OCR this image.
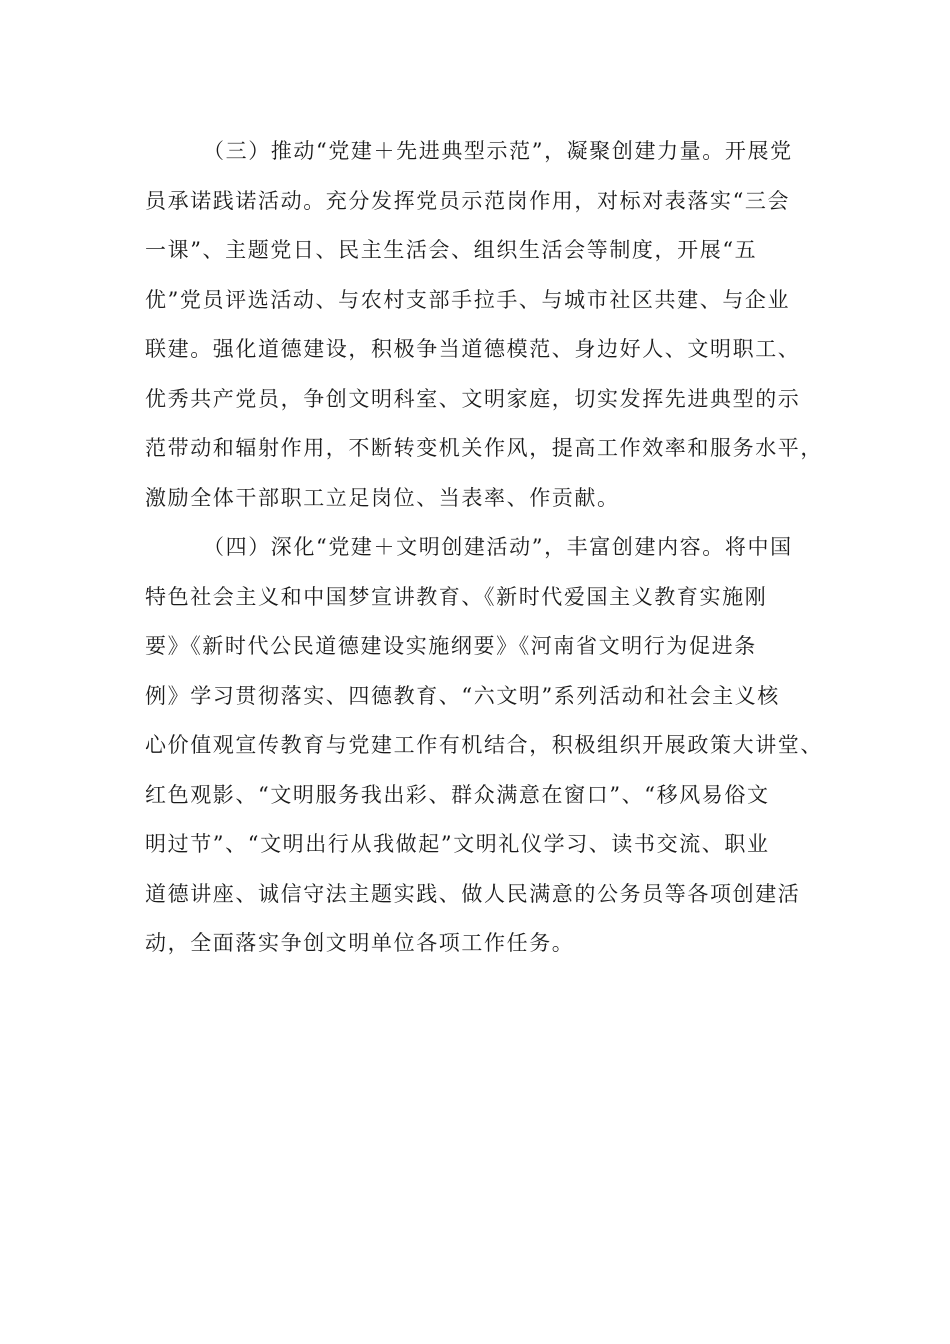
（三）推动“党建＋先进典型示范”，凝聚创建力量。开展党
员承诺践诺活动。充分发挥党员示范岗作用，对标对表落实“三会
一课”、主题党日、民主生活会、组织生活会等制度，开展“五
优”党员评选活动、与农村支部手拉手、与城市社区共建、与企业
联建。强化道德建设，积极争当道德模范、身边好人、文明职工、
优秀共产党员，争创文明科室、文明家庭，切实发挥先进典型的示
范带动和辐射作用，不断转变机关作风，提高工作效率和服务水平，
激励全体干部职工立足岗位、当表率、作贡献。

（四）深化“党建＋文明创建活动”，丰富创建内容。将中国
特色社会主义和中国梦宣讲教育、《新时代爱国主义教育实施刚
要》《新时代公民道德建设实施纲要》《河南省文明行为促进条
例》学习贯彻落实、四德教育、“六文明”系列活动和社会主义核
心价值观宣传教育与党建工作有机结合，积极组织开展政策大讲堂、
红色观影、“文明服务我出彩、群众满意在窗口”、“移风易俗文
明过节”、“文明出行从我做起”文明礼仪学习、读书交流、职业
道德讲座、诚信守法主题实践、做人民满意的公务员等各项创建活
动，全面落实争创文明单位各项工作任务。
